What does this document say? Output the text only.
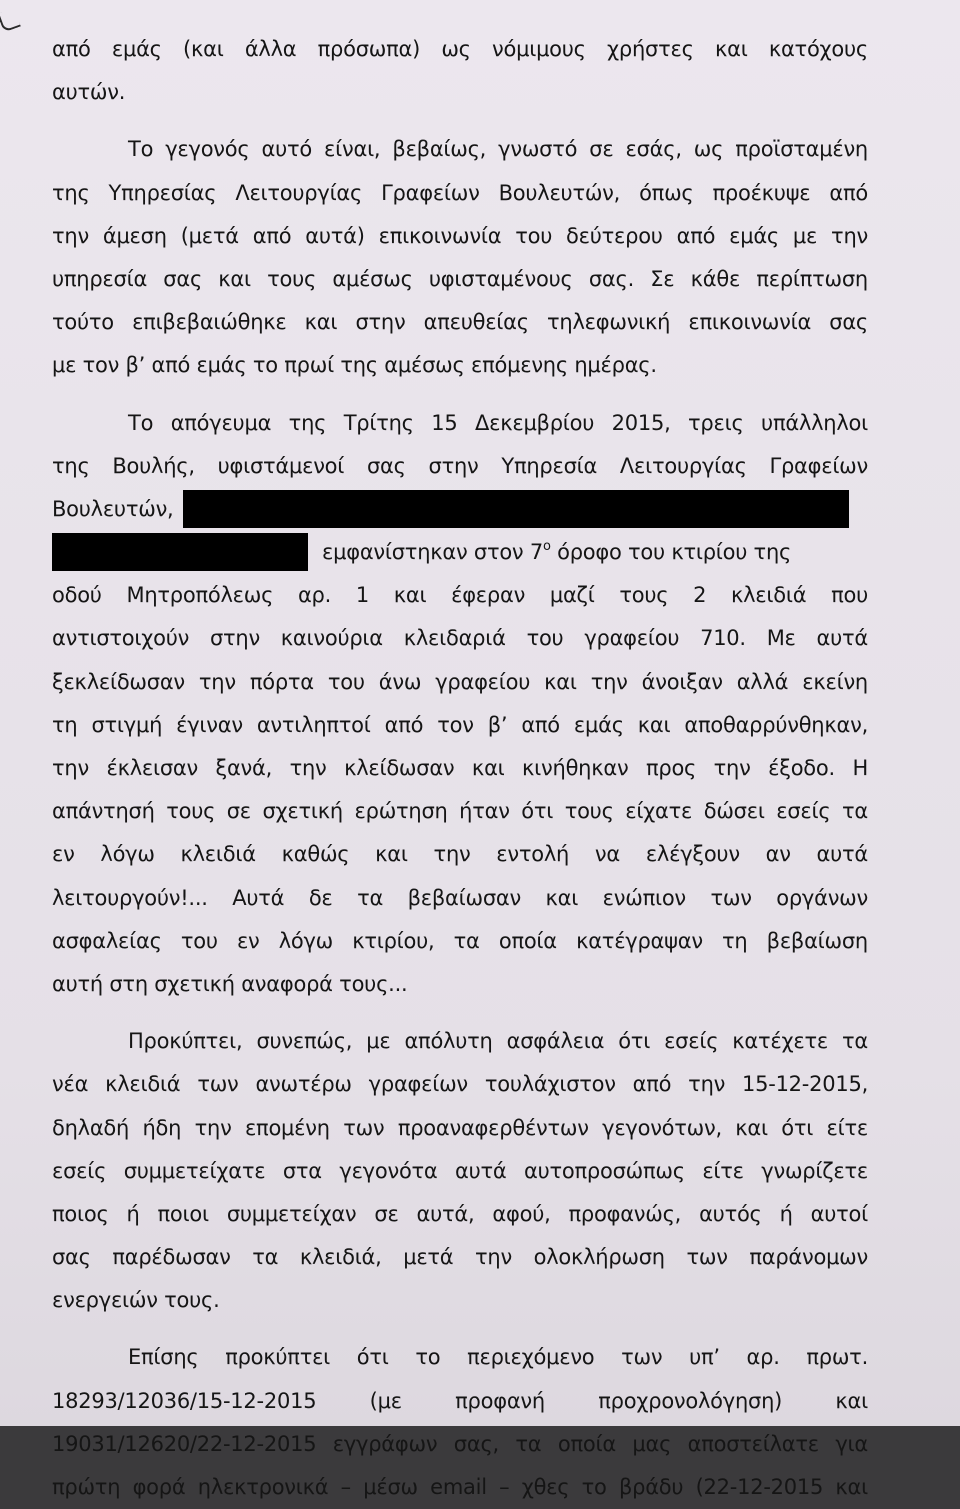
από εμάς (και άλλα πρόσωπα) ως νόμιμους χρήστες και κατόχους
αυτών.
Το γεγονός αυτό είναι, βεβαίως, γνωστό σε εσάς, ως προϊσταμένη
της Υπηρεσίας Λειτουργίας Γραφείων Βουλευτών, όπως προέκυψε από
την άμεση (μετά από αυτά) επικοινωνία του δεύτερου από εμάς με την
υπηρεσία σας και τους αμέσως υφισταμένους σας. Σε κάθε περίπτωση
τούτο επιβεβαιώθηκε και στην απευθείας τηλεφωνική επικοινωνία σας
με τον β’ από εμάς το πρωί της αμέσως επόμενης ημέρας.
Το απόγευμα της Τρίτης 15 Δεκεμβρίου 2015, τρεις υπάλληλοι
της Βουλής, υφιστάμενοί σας στην Υπηρεσία Λειτουργίας Γραφείων
Βουλευτών,
εμφανίστηκαν στον $7^o$ όροφο του κτιρίου της
οδού Μητροπόλεως αρ. 1 και έφεραν μαζί τους 2 κλειδιά που
αντιστοιχούν στην καινούρια κλειδαριά του γραφείου 710. Με αυτά
ξεκλείδωσαν την πόρτα του άνω γραφείου και την άνοιξαν αλλά εκείνη
τη στιγμή έγιναν αντιληπτοί από τον β’ από εμάς και αποθαρρύνθηκαν,
την έκλεισαν ξανά, την κλείδωσαν και κινήθηκαν προς την έξοδο. Η
απάντησή τους σε σχετική ερώτηση ήταν ότι τους είχατε δώσει εσείς τα
εν λόγω κλειδιά καθώς και την εντολή να ελέγξουν αν αυτά
λειτουργούν!... Αυτά δε τα βεβαίωσαν και ενώπιον των οργάνων
ασφαλείας του εν λόγω κτιρίου, τα οποία κατέγραψαν τη βεβαίωση
αυτή στη σχετική αναφορά τους...
Προκύπτει, συνεπώς, με απόλυτη ασφάλεια ότι εσείς κατέχετε τα
νέα κλειδιά των ανωτέρω γραφείων τουλάχιστον από την 15-12-2015,
δηλαδή ήδη την επομένη των προαναφερθέντων γεγονότων, και ότι είτε
εσείς συμμετείχατε στα γεγονότα αυτά αυτοπροσώπως είτε γνωρίζετε
ποιος ή ποιοι συμμετείχαν σε αυτά, αφού, προφανώς, αυτός ή αυτοί
σας παρέδωσαν τα κλειδιά, μετά την ολοκλήρωση των παράνομων
ενεργειών τους.
Επίσης προκύπτει ότι το περιεχόμενο των υπ’ αρ. πρωτ.
18293/12036/15-12-2015 (με προφανή προχρονολόγηση) και
19031/12620/22-12-2015 εγγράφων σας, τα οποία μας αποστείλατε για
πρώτη φορά ηλεκτρονικά – μέσω email – χθες το βράδυ (22-12-2015 και
